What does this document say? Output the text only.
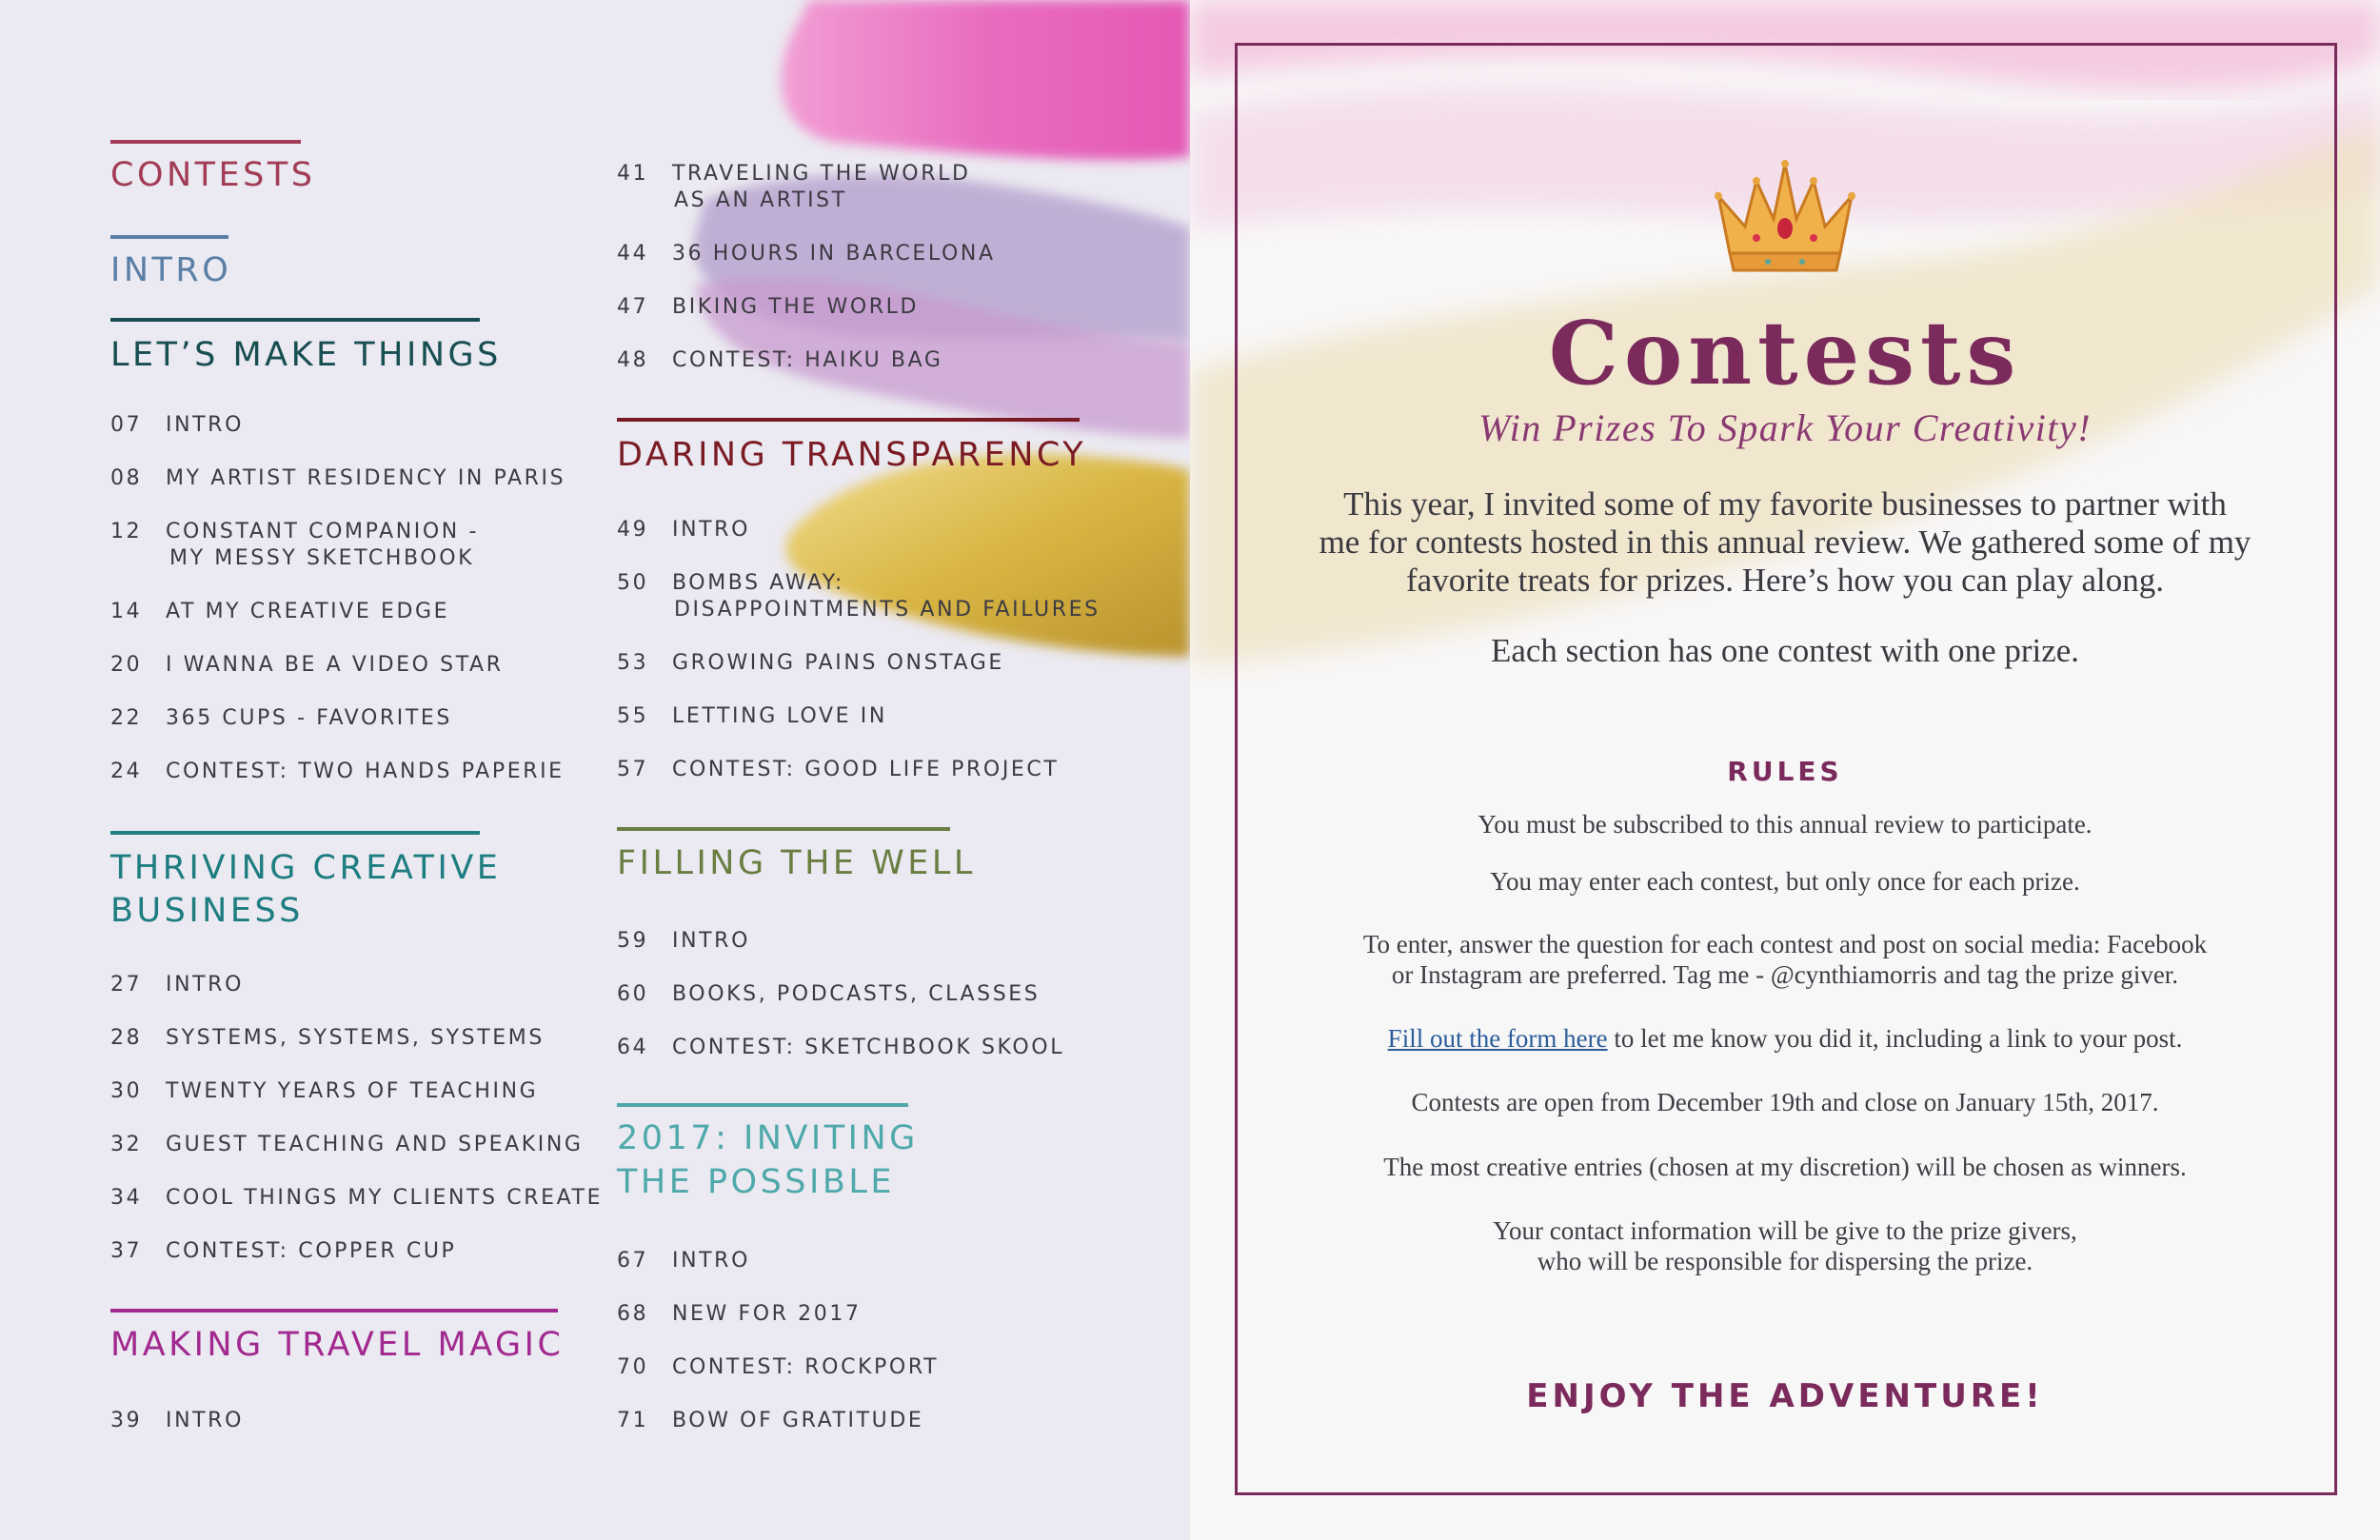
CONTESTS
INTRO
LET’S MAKE THINGS
07 INTRO
08 MY ARTIST RESIDENCY IN PARIS
12 CONSTANT COMPANION -
MY MESSY SKETCHBOOK
14 AT MY CREATIVE EDGE
20 I WANNA BE A VIDEO STAR
22 365 CUPS - FAVORITES
24 CONTEST: TWO HANDS PAPERIE
THRIVING CREATIVE
BUSINESS
27 INTRO
28 SYSTEMS, SYSTEMS, SYSTEMS
30 TWENTY YEARS OF TEACHING
32 GUEST TEACHING AND SPEAKING
34 COOL THINGS MY CLIENTS CREATE
37 CONTEST: COPPER CUP
MAKING TRAVEL MAGIC
39 INTRO
41 TRAVELING THE WORLD
AS AN ARTIST
44 36 HOURS IN BARCELONA
47 BIKING THE WORLD
48 CONTEST: HAIKU BAG
DARING TRANSPARENCY
49 INTRO
50 BOMBS AWAY:
DISAPPOINTMENTS AND FAILURES
53 GROWING PAINS ONSTAGE
55 LETTING LOVE IN
57 CONTEST: GOOD LIFE PROJECT
FILLING THE WELL
59 INTRO
60 BOOKS, PODCASTS, CLASSES
64 CONTEST: SKETCHBOOK SKOOL
2017: INVITING
THE POSSIBLE
67 INTRO
68 NEW FOR 2017
70 CONTEST: ROCKPORT
71 BOW OF GRATITUDE
Contests
Win Prizes To Spark Your Creativity!
This year, I invited some of my favorite businesses to partner with
me for contests hosted in this annual review. We gathered some of my
favorite treats for prizes. Here’s how you can play along.
Each section has one contest with one prize.
RULES
You must be subscribed to this annual review to participate.
You may enter each contest, but only once for each prize.
To enter, answer the question for each contest and post on social media: Facebook
or Instagram are preferred. Tag me - @cynthiamorris and tag the prize giver.
Fill out the form here to let me know you did it, including a link to your post.
Contests are open from December 19th and close on January 15th, 2017.
The most creative entries (chosen at my discretion) will be chosen as winners.
Your contact information will be give to the prize givers,
who will be responsible for dispersing the prize.
ENJOY THE ADVENTURE!
